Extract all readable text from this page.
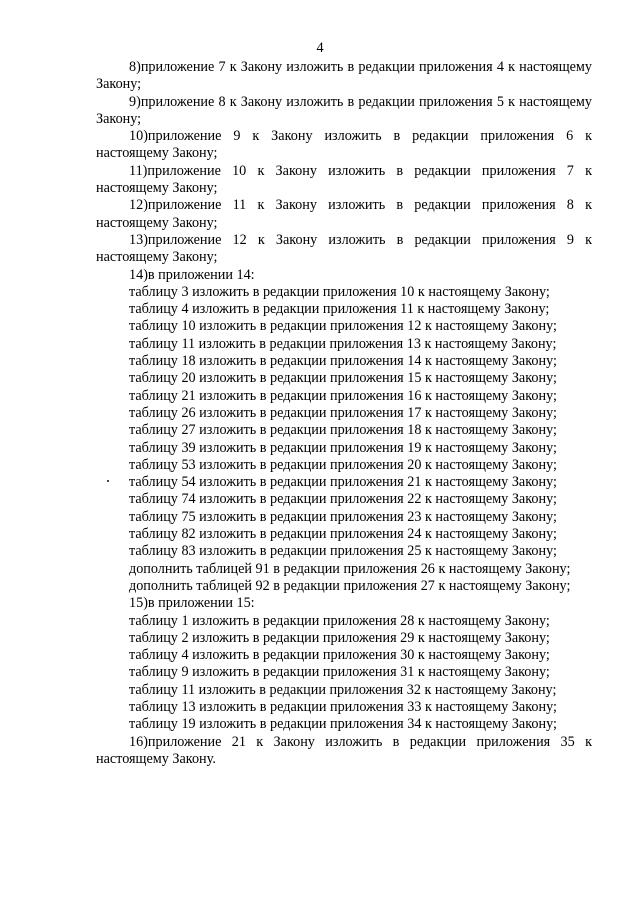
4

8)приложение 7 к Закону изложить в редакции приложения 4 к настоящему Закону;

9)приложение 8 к Закону изложить в редакции приложения 5 к настоящему Закону;

10)приложение 9 к Закону изложить в редакции приложения 6 к настоящему Закону;

11)приложение 10 к Закону изложить в редакции приложения 7 к настоящему Закону;

12)приложение 11 к Закону изложить в редакции приложения 8 к настоящему Закону;

13)приложение 12 к Закону изложить в редакции приложения 9 к настоящему Закону;

14)в приложении 14:

таблицу 3 изложить в редакции приложения 10 к настоящему Закону;

таблицу 4 изложить в редакции приложения 11 к настоящему Закону;

таблицу 10 изложить в редакции приложения 12 к настоящему Закону;

таблицу 11 изложить в редакции приложения 13 к настоящему Закону;

таблицу 18 изложить в редакции приложения 14 к настоящему Закону;

таблицу 20 изложить в редакции приложения 15 к настоящему Закону;

таблицу 21 изложить в редакции приложения 16 к настоящему Закону;

таблицу 26 изложить в редакции приложения 17 к настоящему Закону;

таблицу 27 изложить в редакции приложения 18 к настоящему Закону;

таблицу 39 изложить в редакции приложения 19 к настоящему Закону;

таблицу 53 изложить в редакции приложения 20 к настоящему Закону;

таблицу 54 изложить в редакции приложения 21 к настоящему Закону;

таблицу 74 изложить в редакции приложения 22 к настоящему Закону;

таблицу 75 изложить в редакции приложения 23 к настоящему Закону;

таблицу 82 изложить в редакции приложения 24 к настоящему Закону;

таблицу 83 изложить в редакции приложения 25 к настоящему Закону;

дополнить таблицей 91 в редакции приложения 26 к настоящему Закону;

дополнить таблицей 92 в редакции приложения 27 к настоящему Закону;

15)в приложении 15:

таблицу 1 изложить в редакции приложения 28 к настоящему Закону;

таблицу 2 изложить в редакции приложения 29 к настоящему Закону;

таблицу 4 изложить в редакции приложения 30 к настоящему Закону;

таблицу 9 изложить в редакции приложения 31 к настоящему Закону;

таблицу 11 изложить в редакции приложения 32 к настоящему Закону;

таблицу 13 изложить в редакции приложения 33 к настоящему Закону;

таблицу 19 изложить в редакции приложения 34 к настоящему Закону;

16)приложение 21 к Закону изложить в редакции приложения 35 к настоящему Закону.
